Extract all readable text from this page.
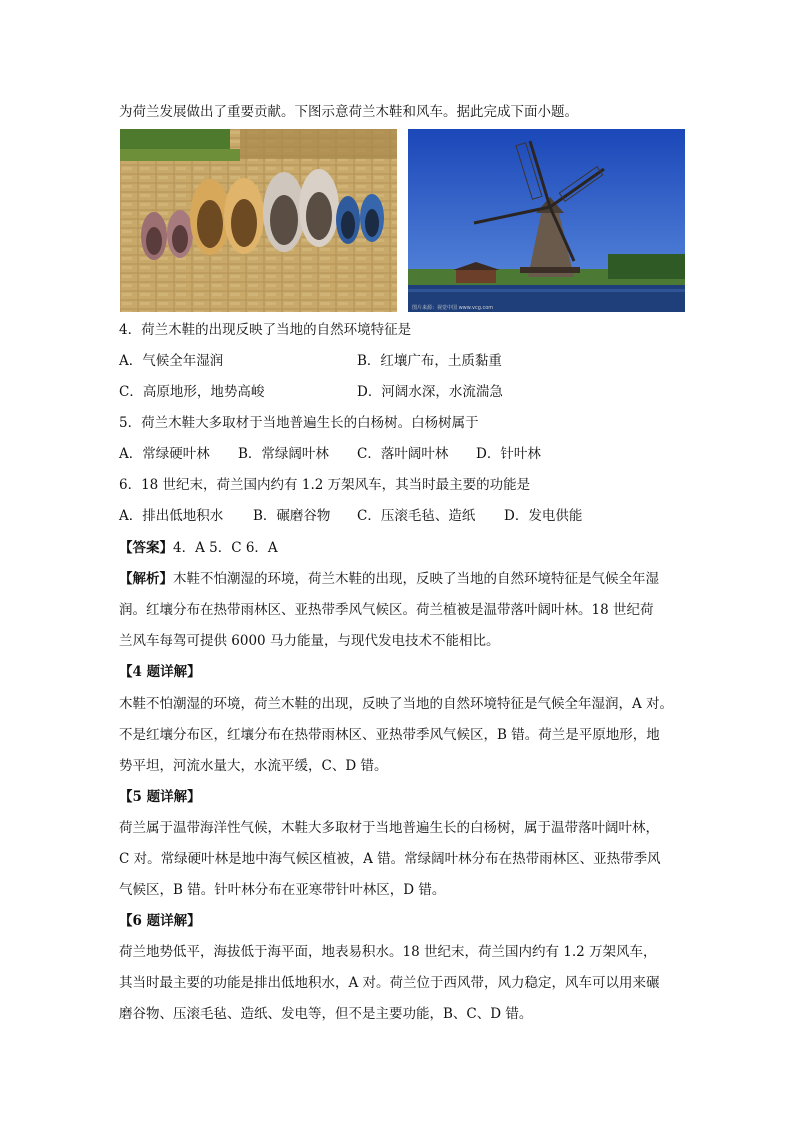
为荷兰发展做出了重要贡献。下图示意荷兰木鞋和风车。据此完成下面小题。
图片来源：视觉中国 www.vcg.com
4．荷兰木鞋的出现反映了当地的自然环境特征是
A．气候全年湿润	B．红壤广布，土质黏重
C．高原地形，地势高峻	D．河阔水深，水流湍急
5．荷兰木鞋大多取材于当地普遍生长的白杨树。白杨树属于
A．常绿硬叶林 B．常绿阔叶林 C．落叶阔叶林 D．针叶林
6．18 世纪末，荷兰国内约有 1.2 万架风车，其当时最主要的功能是
A．排出低地积水 B．碾磨谷物 C．压滚毛毡、造纸 D．发电供能
【答案】4．A 5．C 6．A
【解析】木鞋不怕潮湿的环境，荷兰木鞋的出现，反映了当地的自然环境特征是气候全年湿
润。红壤分布在热带雨林区、亚热带季风气候区。荷兰植被是温带落叶阔叶林。18 世纪荷
兰风车每驾可提供 6000 马力能量，与现代发电技术不能相比。
【4 题详解】
木鞋不怕潮湿的环境，荷兰木鞋的出现，反映了当地的自然环境特征是气候全年湿润，A 对。
不是红壤分布区，红壤分布在热带雨林区、亚热带季风气候区，B 错。荷兰是平原地形，地
势平坦，河流水量大，水流平缓，C、D 错。
【5 题详解】
荷兰属于温带海洋性气候，木鞋大多取材于当地普遍生长的白杨树，属于温带落叶阔叶林，
C 对。常绿硬叶林是地中海气候区植被，A 错。常绿阔叶林分布在热带雨林区、亚热带季风
气候区，B 错。针叶林分布在亚寒带针叶林区，D 错。
【6 题详解】
荷兰地势低平，海拔低于海平面，地表易积水。18 世纪末，荷兰国内约有 1.2 万架风车，
其当时最主要的功能是排出低地积水，A 对。荷兰位于西风带，风力稳定，风车可以用来碾
磨谷物、压滚毛毡、造纸、发电等，但不是主要功能，B、C、D 错。
